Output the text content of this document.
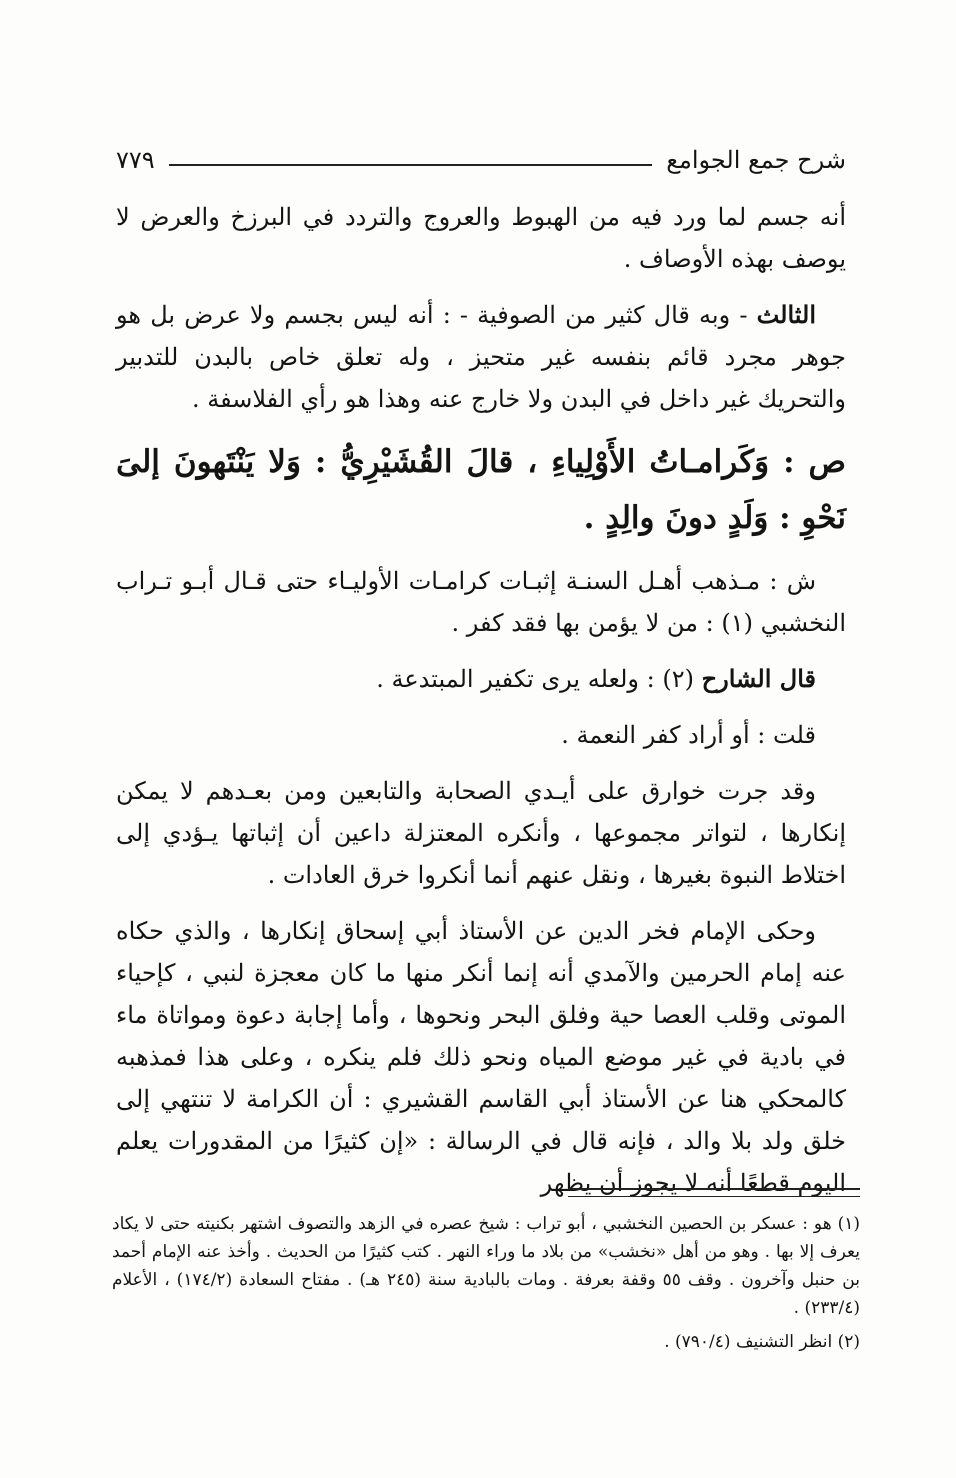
شرح جمع الجوامع
٧٧٩

أنه جسم لما ورد فيه من الهبوط والعروج والتردد في البرزخ والعرض لا يوصف بهذه الأوصاف .

الثالث - وبه قال كثير من الصوفية - : أنه ليس بجسم ولا عرض بل هو جوهر مجرد قائم بنفسه غير متحيز ، وله تعلق خاص بالبدن للتدبير والتحريك غير داخل في البدن ولا خارج عنه وهذا هو رأي الفلاسفة .

ص : وَكَرامـاتُ الأَوْلِياءِ ، قالَ القُشَيْرِيُّ : وَلا يَنْتَهونَ إلىَ نَحْوِ : وَلَدٍ دونَ والِدٍ .

ش : مـذهب أهـل السنـة إثبـات كرامـات الأوليـاء حتى قـال أبـو تـراب النخشبي (١) : من لا يؤمن بها فقد كفر .

قال الشارح (٢) : ولعله يرى تكفير المبتدعة .

قلت : أو أراد كفر النعمة .

وقد جرت خوارق على أيـدي الصحابة والتابعين ومن بعـدهم لا يمكن إنكارها ، لتواتر مجموعها ، وأنكره المعتزلة داعين أن إثباتها يـؤدي إلى اختلاط النبوة بغيرها ، ونقل عنهم أنما أنكروا خرق العادات .

وحكى الإمام فخر الدين عن الأستاذ أبي إسحاق إنكارها ، والذي حكاه عنه إمام الحرمين والآمدي أنه إنما أنكر منها ما كان معجزة لنبي ، كإحياء الموتى وقلب العصا حية وفلق البحر ونحوها ، وأما إجابة دعوة ومواتاة ماء في بادية في غير موضع المياه ونحو ذلك فلم ينكره ، وعلى هذا فمذهبه كالمحكي هنا عن الأستاذ أبي القاسم القشيري : أن الكرامة لا تنتهي إلى خلق ولد بلا والد ، فإنه قال في الرسالة : «إن كثيرًا من المقدورات يعلم اليوم قطعًا أنه لا يجوز أن يظهر

(١) هو : عسكر بن الحصين النخشبي ، أبو تراب : شيخ عصره في الزهد والتصوف اشتهر بكنيته حتى لا يكاد يعرف إلا بها . وهو من أهل «نخشب» من بلاد ما وراء النهر . كتب كثيرًا من الحديث . وأخذ عنه الإمام أحمد بن حنبل وآخرون . وقف ٥٥ وقفة بعرفة . ومات بالبادية سنة (٢٤٥ هـ) . مفتاح السعادة (١٧٤/٢) ، الأعلام (٢٣٣/٤) .

(٢) انظر التشنيف (٧٩٠/٤) .
